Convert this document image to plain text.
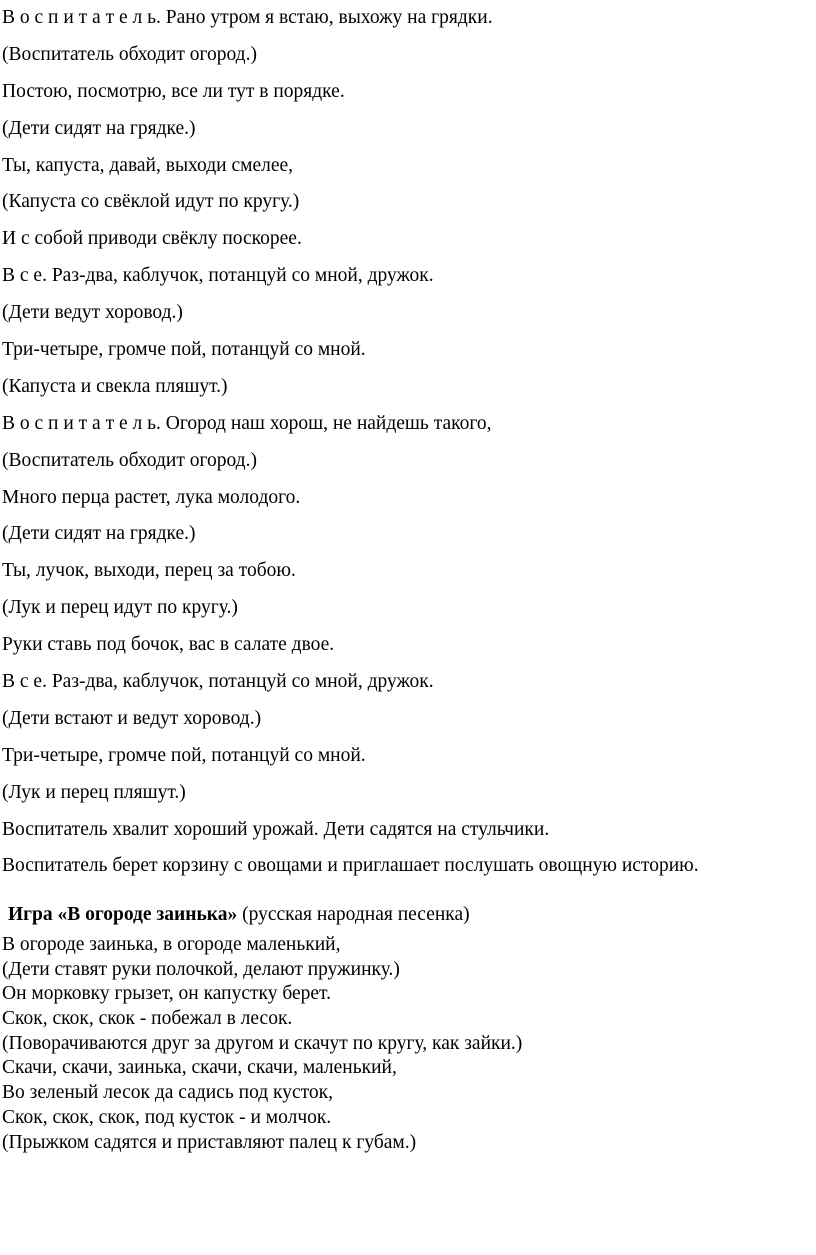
В о с п и т а т е л ь. Рано утром я встаю, выхожу на грядки.
(Воспитатель обходит огород.)
Постою, посмотрю, все ли тут в порядке.
(Дети сидят на грядке.)
Ты, капуста, давай, выходи смелее,
(Капуста со свёклой идут по кругу.)
И с собой приводи свёклу поскорее.
В с е. Раз-два, каблучок, потанцуй со мной, дружок.
(Дети ведут хоровод.)
Три-четыре, громче пой, потанцуй со мной.
(Капуста и свекла пляшут.)
В о с п и т а т е л ь. Огород наш хорош, не найдешь такого,
(Воспитатель обходит огород.)
Много перца растет, лука молодого.
(Дети сидят на грядке.)
Ты, лучок, выходи, перец за тобою.
(Лук и перец идут по кругу.)
Руки ставь под бочок, вас в салате двое.
В с е. Раз-два, каблучок, потанцуй со мной, дружок.
(Дети встают и ведут хоровод.)
Три-четыре, громче пой, потанцуй со мной.
(Лук и перец пляшут.)
Воспитатель хвалит хороший урожай. Дети садятся на стульчики.
Воспитатель берет корзину с овощами и приглашает послушать овощную историю.
Игра «В огороде заинька» (русская народная песенка)
В огороде заинька, в огороде маленький,
(Дети ставят руки полочкой, делают пружинку.)
Он морковку грызет, он капустку берет.
Скок, скок, скок - побежал в лесок.
(Поворачиваются друг за другом и скачут по кругу, как зайки.)
Скачи, скачи, заинька, скачи, скачи, маленький,
Во зеленый лесок да садись под кусток,
Скок, скок, скок, под кусток - и молчок.
(Прыжком садятся и приставляют палец к губам.)
